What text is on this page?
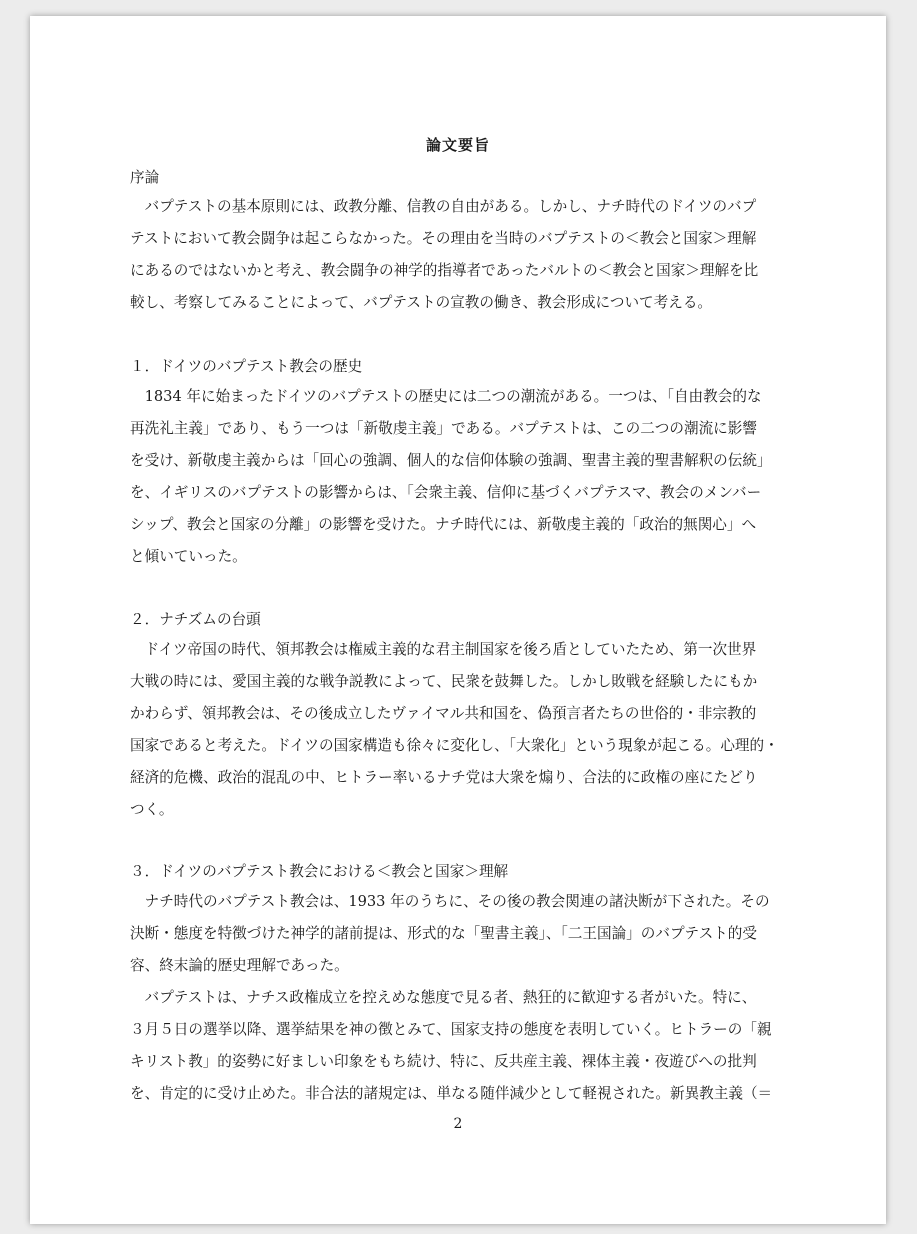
論文要旨
序論
　バプテストの基本原則には、政教分離、信教の自由がある。しかし、ナチ時代のドイツのバプ
テストにおいて教会闘争は起こらなかった。その理由を当時のバプテストの＜教会と国家＞理解
にあるのではないかと考え、教会闘争の神学的指導者であったバルトの＜教会と国家＞理解を比
較し、考察してみることによって、バプテストの宣教の働き、教会形成について考える。
１．ドイツのバプテスト教会の歴史
　1834 年に始まったドイツのバプテストの歴史には二つの潮流がある。一つは、「自由教会的な
再洗礼主義」であり、もう一つは「新敬虔主義」である。バプテストは、この二つの潮流に影響
を受け、新敬虔主義からは「回心の強調、個人的な信仰体験の強調、聖書主義的聖書解釈の伝統」
を、イギリスのバプテストの影響からは、「会衆主義、信仰に基づくバプテスマ、教会のメンバー
シップ、教会と国家の分離」の影響を受けた。ナチ時代には、新敬虔主義的「政治的無関心」へ
と傾いていった。
２．ナチズムの台頭
　ドイツ帝国の時代、領邦教会は権威主義的な君主制国家を後ろ盾としていたため、第一次世界
大戦の時には、愛国主義的な戦争説教によって、民衆を鼓舞した。しかし敗戦を経験したにもか
かわらず、領邦教会は、その後成立したヴァイマル共和国を、偽預言者たちの世俗的・非宗教的
国家であると考えた。ドイツの国家構造も徐々に変化し、「大衆化」という現象が起こる。心理的・
経済的危機、政治的混乱の中、ヒトラー率いるナチ党は大衆を煽り、合法的に政権の座にたどり
つく。
３．ドイツのバプテスト教会における＜教会と国家＞理解
　ナチ時代のバプテスト教会は、1933 年のうちに、その後の教会関連の諸決断が下された。その
決断・態度を特徴づけた神学的諸前提は、形式的な「聖書主義」、「二王国論」のバプテスト的受
容、終末論的歴史理解であった。
　バプテストは、ナチス政権成立を控えめな態度で見る者、熱狂的に歓迎する者がいた。特に、
３月５日の選挙以降、選挙結果を神の徴とみて、国家支持の態度を表明していく。ヒトラーの「親
キリスト教」的姿勢に好ましい印象をもち続け、特に、反共産主義、裸体主義・夜遊びへの批判
を、肯定的に受け止めた。非合法的諸規定は、単なる随伴減少として軽視された。新異教主義（＝
2
